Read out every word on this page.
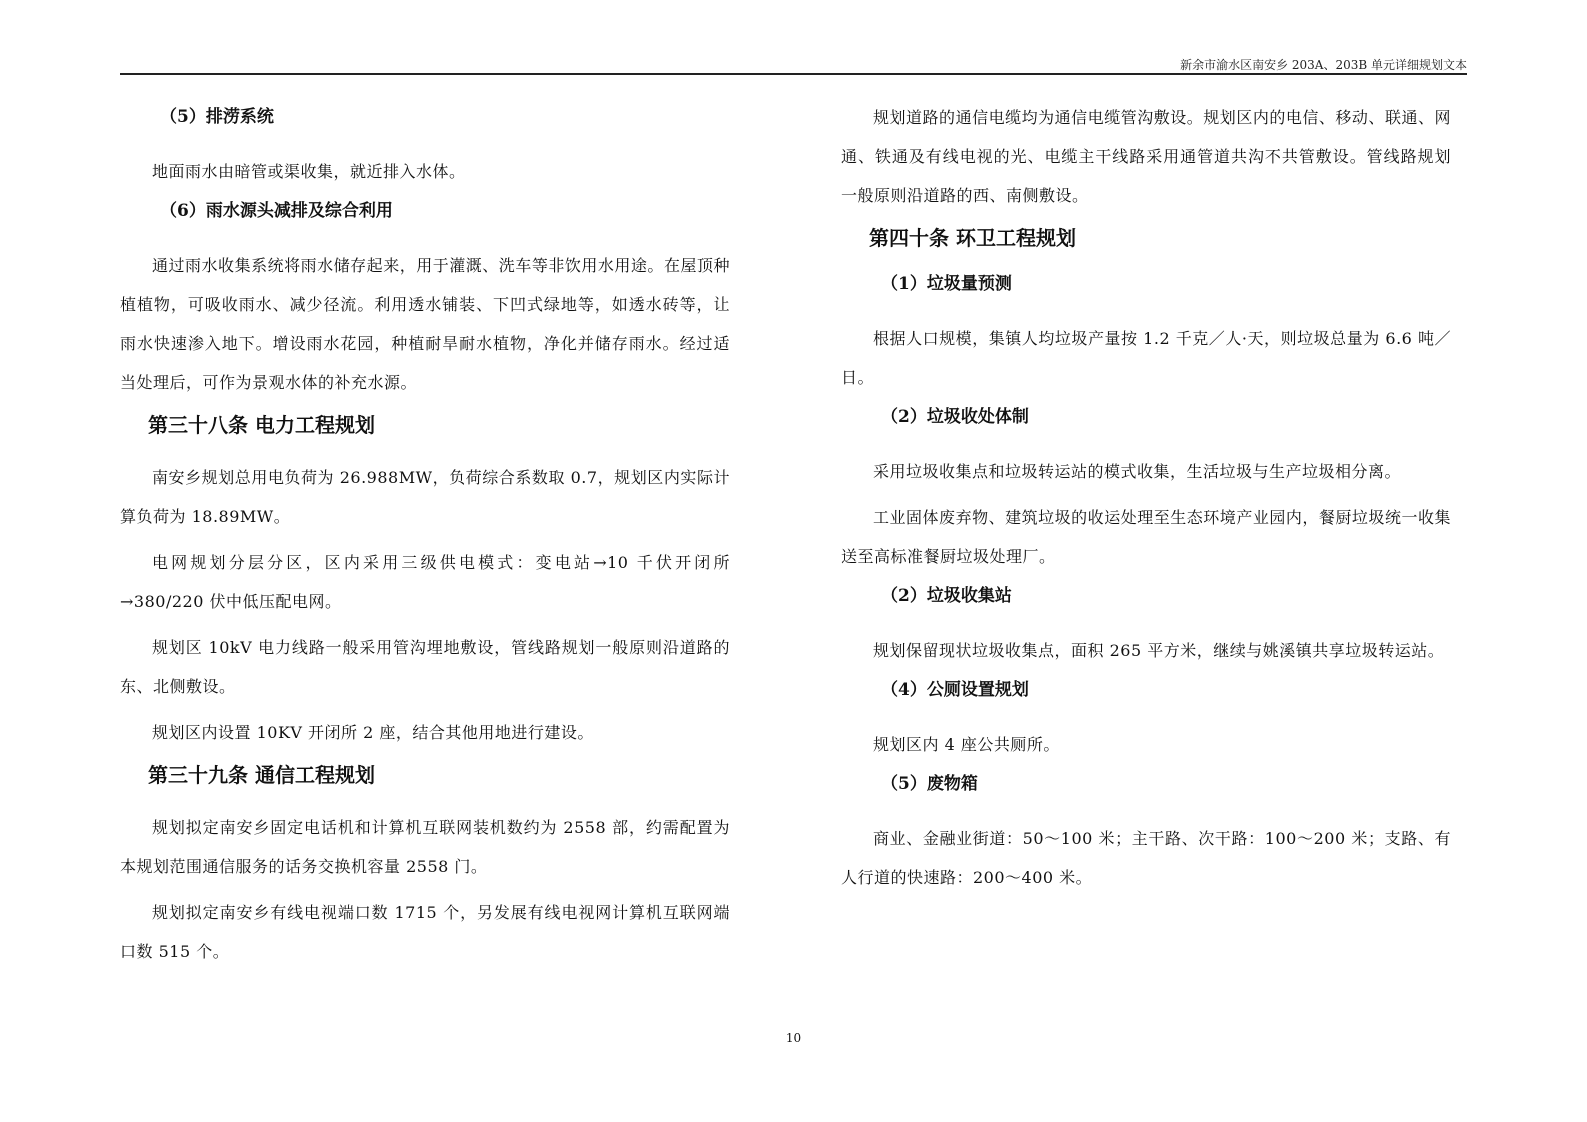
新余市渝水区南安乡 203A、203B 单元详细规划文本
（5）排涝系统

地面雨水由暗管或渠收集，就近排入水体。

（6）雨水源头减排及综合利用

通过雨水收集系统将雨水储存起来，用于灌溉、洗车等非饮用水用途。在屋顶种植植物，可吸收雨水、减少径流。利用透水铺装、下凹式绿地等，如透水砖等，让雨水快速渗入地下。增设雨水花园，种植耐旱耐水植物，净化并储存雨水。经过适当处理后，可作为景观水体的补充水源。

第三十八条 电力工程规划

南安乡规划总用电负荷为 26.988MW，负荷综合系数取 0.7，规划区内实际计算负荷为 18.89MW。

电网规划分层分区，区内采用三级供电模式：变电站→10 千伏开闭所→380/220 伏中低压配电网。

规划区 10kV 电力线路一般采用管沟埋地敷设，管线路规划一般原则沿道路的东、北侧敷设。

规划区内设置 10KV 开闭所 2 座，结合其他用地进行建设。

第三十九条 通信工程规划

规划拟定南安乡固定电话机和计算机互联网装机数约为 2558 部，约需配置为本规划范围通信服务的话务交换机容量 2558 门。

规划拟定南安乡有线电视端口数 1715 个，另发展有线电视网计算机互联网端口数 515 个。

规划道路的通信电缆均为通信电缆管沟敷设。规划区内的电信、移动、联通、网通、铁通及有线电视的光、电缆主干线路采用通管道共沟不共管敷设。管线路规划一般原则沿道路的西、南侧敷设。

第四十条 环卫工程规划
（1）垃圾量预测

根据人口规模，集镇人均垃圾产量按 1.2 千克／人·天，则垃圾总量为 6.6 吨／日。

（2）垃圾收处体制

采用垃圾收集点和垃圾转运站的模式收集，生活垃圾与生产垃圾相分离。

工业固体废弃物、建筑垃圾的收运处理至生态环境产业园内，餐厨垃圾统一收集送至高标准餐厨垃圾处理厂。

（2）垃圾收集站

规划保留现状垃圾收集点，面积 265 平方米，继续与姚溪镇共享垃圾转运站。

（4）公厕设置规划

规划区内 4 座公共厕所。

（5）废物箱

商业、金融业街道：50～100 米；主干路、次干路：100～200 米；支路、有人行道的快速路：200～400 米。

10
